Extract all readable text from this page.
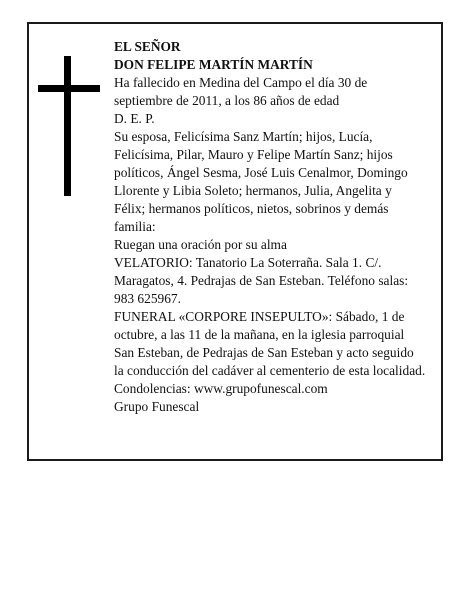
EL SEÑOR

DON FELIPE MARTÍN MARTÍN

Ha fallecido en Medina del Campo el día 30 de septiembre de 2011, a los 86 años de edad

D. E. P.

Su esposa, Felicísima Sanz Martín; hijos, Lucía, Felicísima, Pilar, Mauro y Felipe Martín Sanz; hijos políticos, Ángel Sesma, José Luis Cenalmor, Domingo Llorente y Libia Soleto; hermanos, Julia, Angelita y Félix; hermanos políticos, nietos, sobrinos y demás familia:

Ruegan una oración por su alma

VELATORIO: Tanatorio La Soterraña. Sala 1. C/. Maragatos, 4. Pedrajas de San Esteban. Teléfono salas: 983 625967.

FUNERAL «CORPORE INSEPULTO»: Sábado, 1 de octubre, a las 11 de la mañana, en la iglesia parroquial San Esteban, de Pedrajas de San Esteban y acto seguido la conducción del cadáver al cementerio de esta localidad.

Condolencias: www.grupofunescal.com

Grupo Funescal
